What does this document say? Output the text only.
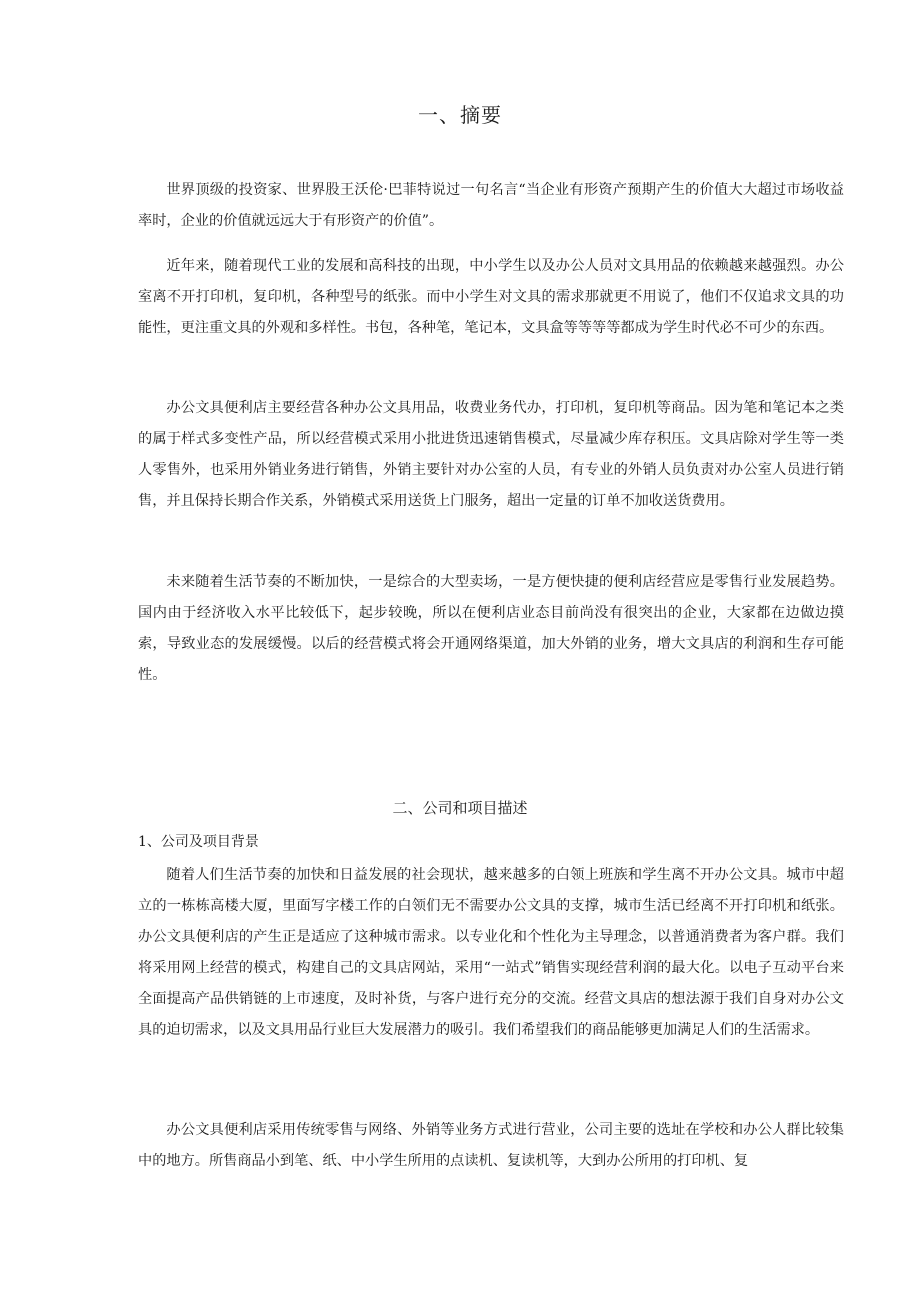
一、摘要

世界顶级的投资家、世界股王沃伦·巴菲特说过一句名言“当企业有形资产预期产生的价值大大超过市场收益率时，企业的价值就远远大于有形资产的价值”。

近年来，随着现代工业的发展和高科技的出现，中小学生以及办公人员对文具用品的依赖越来越强烈。办公室离不开打印机，复印机，各种型号的纸张。而中小学生对文具的需求那就更不用说了，他们不仅追求文具的功能性，更注重文具的外观和多样性。书包，各种笔，笔记本，文具盒等等等等都成为学生时代必不可少的东西。

办公文具便利店主要经营各种办公文具用品，收费业务代办，打印机，复印机等商品。因为笔和笔记本之类的属于样式多变性产品，所以经营模式采用小批进货迅速销售模式，尽量减少库存积压。文具店除对学生等一类人零售外，也采用外销业务进行销售，外销主要针对办公室的人员，有专业的外销人员负责对办公室人员进行销售，并且保持长期合作关系，外销模式采用送货上门服务，超出一定量的订单不加收送货费用。

未来随着生活节奏的不断加快，一是综合的大型卖场，一是方便快捷的便利店经营应是零售行业发展趋势。国内由于经济收入水平比较低下，起步较晚，所以在便利店业态目前尚没有很突出的企业，大家都在边做边摸索，导致业态的发展缓慢。以后的经营模式将会开通网络渠道，加大外销的业务，增大文具店的利润和生存可能性。

二、公司和项目描述
1、公司及项目背景

随着人们生活节奏的加快和日益发展的社会现状，越来越多的白领上班族和学生离不开办公文具。城市中超立的一栋栋高楼大厦，里面写字楼工作的白领们无不需要办公文具的支撑，城市生活已经离不开打印机和纸张。办公文具便利店的产生正是适应了这种城市需求。以专业化和个性化为主导理念，以普通消费者为客户群。我们将采用网上经营的模式，构建自己的文具店网站，采用“一站式”销售实现经营利润的最大化。以电子互动平台来全面提高产品供销链的上市速度，及时补货，与客户进行充分的交流。经营文具店的想法源于我们自身对办公文具的迫切需求，以及文具用品行业巨大发展潜力的吸引。我们希望我们的商品能够更加满足人们的生活需求。

办公文具便利店采用传统零售与网络、外销等业务方式进行营业，公司主要的选址在学校和办公人群比较集中的地方。所售商品小到笔、纸、中小学生所用的点读机、复读机等，大到办公所用的打印机、复
